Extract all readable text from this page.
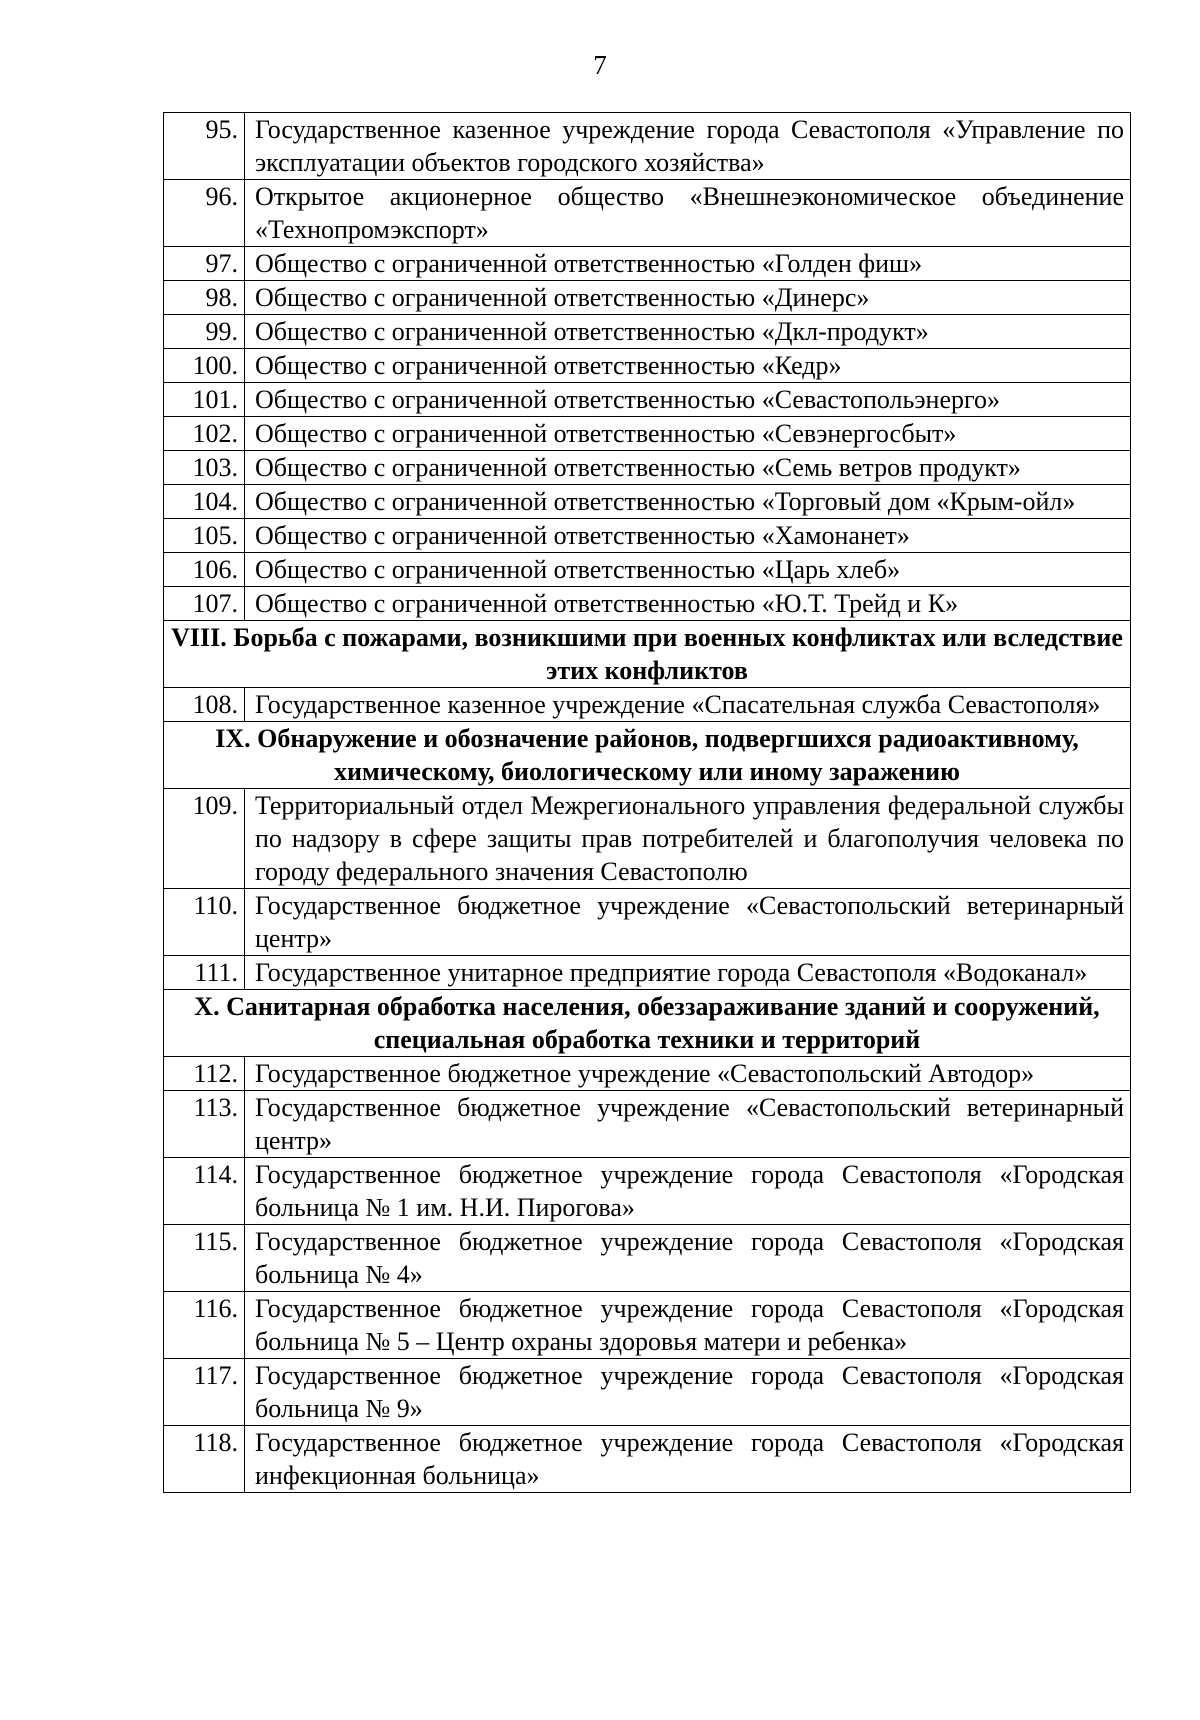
7
95.	Государственное казенное учреждение города Севастополя «Управление по эксплуатации объектов городского хозяйства»
96.	Открытое акционерное общество «Внешнеэкономическое объединение «Технопромэкспорт»
97.	Общество с ограниченной ответственностью «Голден фиш»
98.	Общество с ограниченной ответственностью «Динерс»
99.	Общество с ограниченной ответственностью «Дкл-продукт»
100.	Общество с ограниченной ответственностью «Кедр»
101.	Общество с ограниченной ответственностью «Севастопольэнерго»
102.	Общество с ограниченной ответственностью «Севэнергосбыт»
103.	Общество с ограниченной ответственностью «Семь ветров продукт»
104.	Общество с ограниченной ответственностью «Торговый дом «Крым-ойл»
105.	Общество с ограниченной ответственностью «Хамонанет»
106.	Общество с ограниченной ответственностью «Царь хлеб»
107.	Общество с ограниченной ответственностью «Ю.Т. Трейд и К»
VIII. Борьба с пожарами, возникшими при военных конфликтах или вследствие этих конфликтов	
108.	Государственное казенное учреждение «Спасательная служба Севастополя»
IX. Обнаружение и обозначение районов, подвергшихся радиоактивному, химическому, биологическому или иному заражению	
109.	Территориальный отдел Межрегионального управления федеральной службы по надзору в сфере защиты прав потребителей и благополучия человека по городу федерального значения Севастополю
110.	Государственное бюджетное учреждение «Севастопольский ветеринарный центр»
111.	Государственное унитарное предприятие города Севастополя «Водоканал»
X. Санитарная обработка населения, обеззараживание зданий и сооружений, специальная обработка техники и территорий	
112.	Государственное бюджетное учреждение «Севастопольский Автодор»
113.	Государственное бюджетное учреждение «Севастопольский ветеринарный центр»
114.	Государственное бюджетное учреждение города Севастополя «Городская больница № 1 им. Н.И. Пирогова»
115.	Государственное бюджетное учреждение города Севастополя «Городская больница № 4»
116.	Государственное бюджетное учреждение города Севастополя «Городская больница № 5 – Центр охраны здоровья матери и ребенка»
117.	Государственное бюджетное учреждение города Севастополя «Городская больница № 9»
118.	Государственное бюджетное учреждение города Севастополя «Городская инфекционная больница»
